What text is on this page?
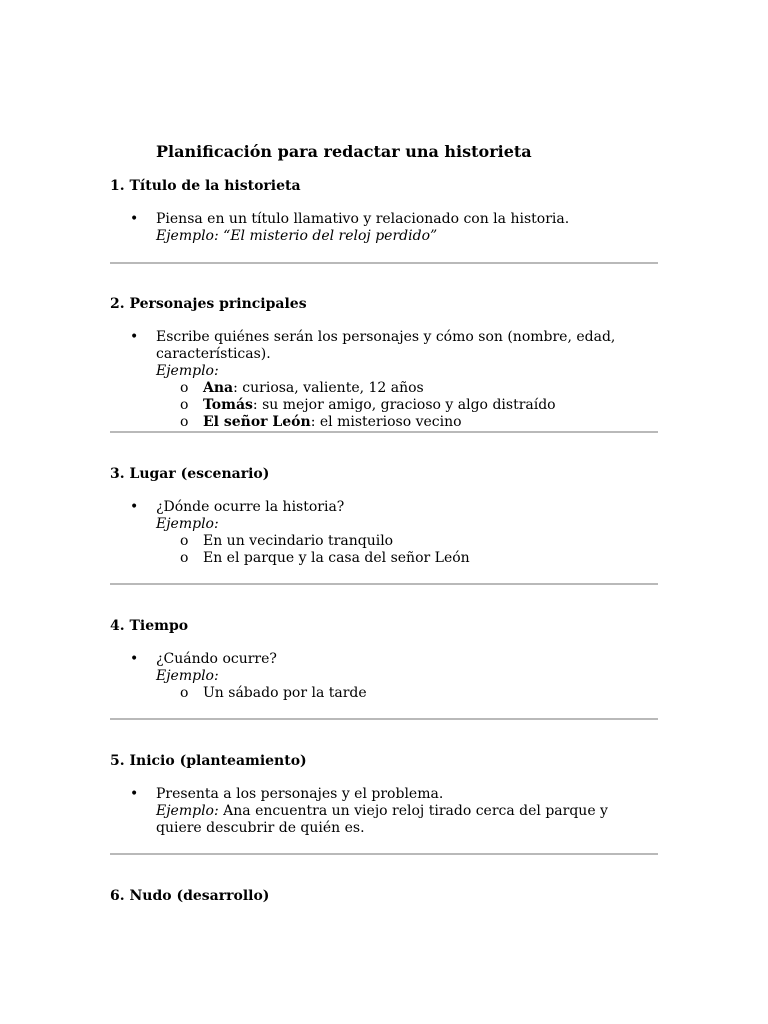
Planificación para redactar una historieta
1. Título de la historieta
• Piensa en un título llamativo y relacionado con la historia.
Ejemplo: “El misterio del reloj perdido”
2. Personajes principales
• Escribe quiénes serán los personajes y cómo son (nombre, edad, características).
Ejemplo:
o Ana: curiosa, valiente, 12 años
o Tomás: su mejor amigo, gracioso y algo distraído
o El señor León: el misterioso vecino
3. Lugar (escenario)
• ¿Dónde ocurre la historia?
Ejemplo:
o En un vecindario tranquilo
o En el parque y la casa del señor León
4. Tiempo
• ¿Cuándo ocurre?
Ejemplo:
o Un sábado por la tarde
5. Inicio (planteamiento)
• Presenta a los personajes y el problema.
Ejemplo: Ana encuentra un viejo reloj tirado cerca del parque y quiere descubrir de quién es.
6. Nudo (desarrollo)
